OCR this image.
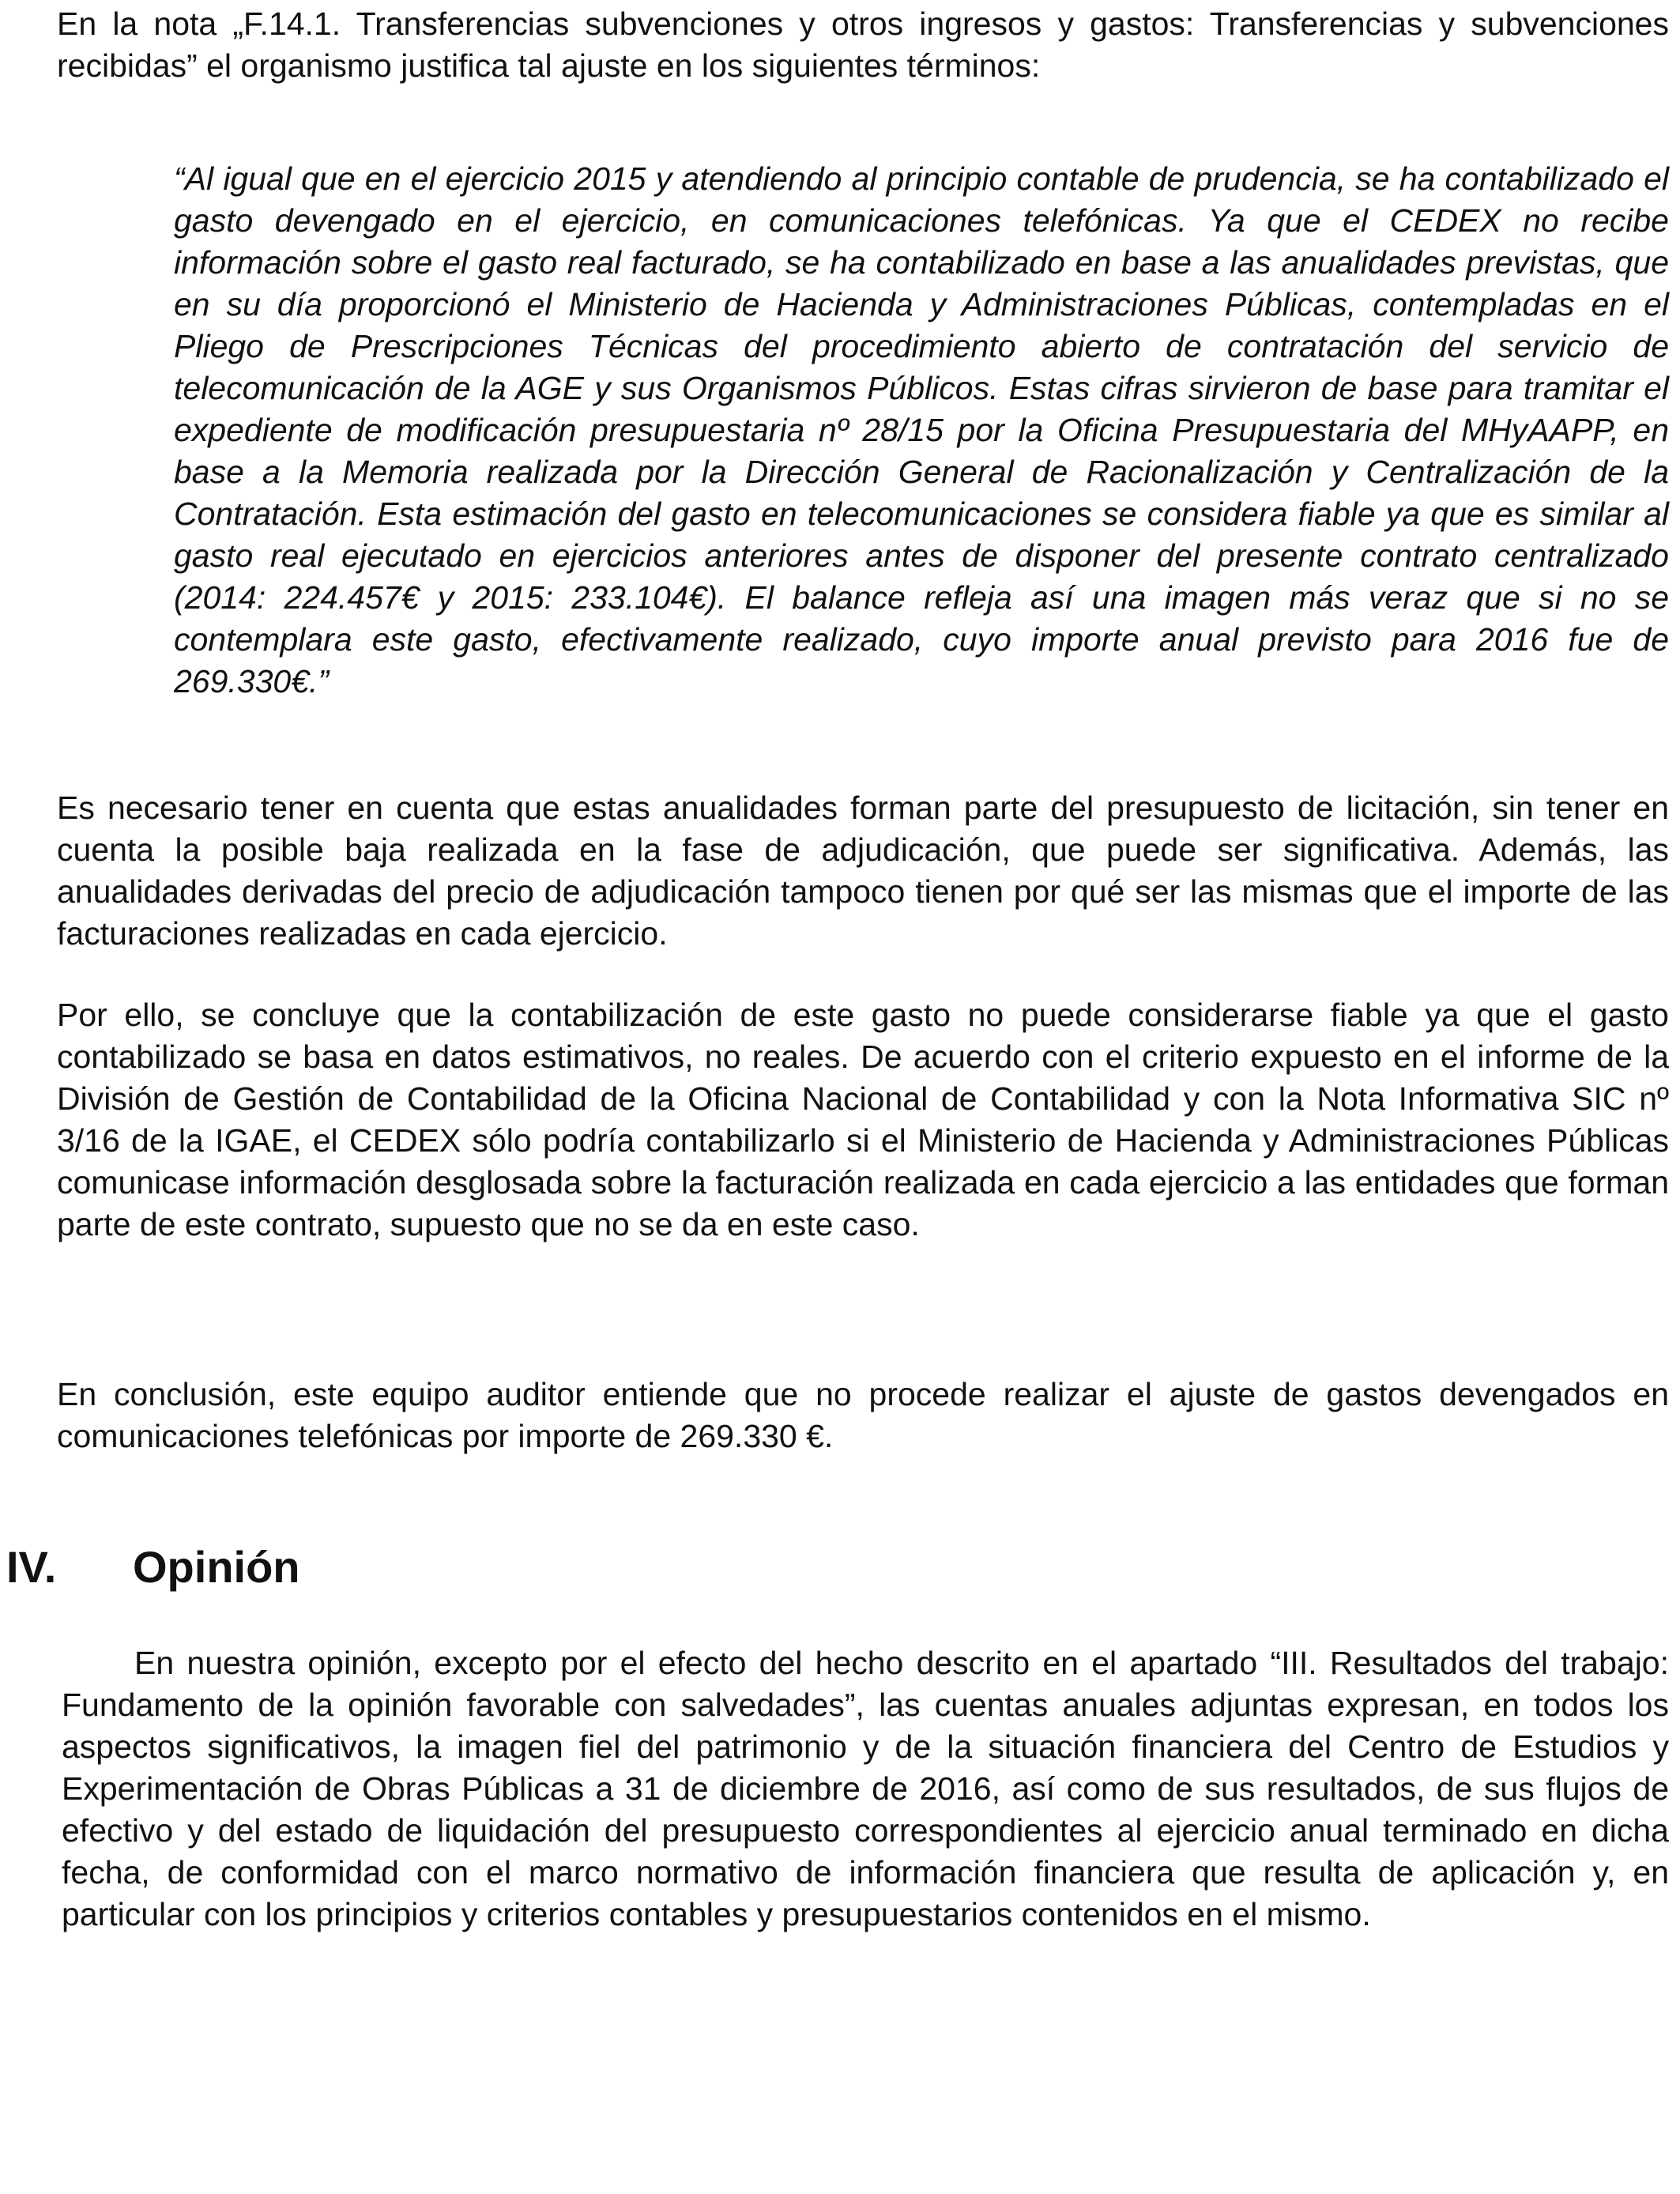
En la nota „F.14.1. Transferencias subvenciones y otros ingresos y gastos: Transferencias y subvenciones recibidas” el organismo justifica tal ajuste en los siguientes términos:

“Al igual que en el ejercicio 2015 y atendiendo al principio contable de prudencia, se ha contabilizado el gasto devengado en el ejercicio, en comunicaciones telefónicas. Ya que el CEDEX no recibe información sobre el gasto real facturado, se ha contabilizado en base a las anualidades previstas, que en su día proporcionó el Ministerio de Hacienda y Administraciones Públicas, contempladas en el Pliego de Prescripciones Técnicas del procedimiento abierto de contratación del servicio de telecomunicación de la AGE y sus Organismos Públicos. Estas cifras sirvieron de base para tramitar el expediente de modificación presupuestaria nº 28/15 por la Oficina Presupuestaria del MHyAAPP, en base a la Memoria realizada por la Dirección General de Racionalización y Centralización de la Contratación. Esta estimación del gasto en telecomunicaciones se considera fiable ya que es similar al gasto real ejecutado en ejercicios anteriores antes de disponer del presente contrato centralizado (2014: 224.457€ y 2015: 233.104€). El balance refleja así una imagen más veraz que si no se contemplara este gasto, efectivamente realizado, cuyo importe anual previsto para 2016 fue de 269.330€.”

Es necesario tener en cuenta que estas anualidades forman parte del presupuesto de licitación, sin tener en cuenta la posible baja realizada en la fase de adjudicación, que puede ser significativa. Además, las anualidades derivadas del precio de adjudicación tampoco tienen por qué ser las mismas que el importe de las facturaciones realizadas en cada ejercicio.

Por ello, se concluye que la contabilización de este gasto no puede considerarse fiable ya que el gasto contabilizado se basa en datos estimativos, no reales. De acuerdo con el criterio expuesto en el informe de la División de Gestión de Contabilidad de la Oficina Nacional de Contabilidad y con la Nota Informativa SIC nº 3/16 de la IGAE, el CEDEX sólo podría contabilizarlo si el Ministerio de Hacienda y Administraciones Públicas comunicase información desglosada sobre la facturación realizada en cada ejercicio a las entidades que forman parte de este contrato, supuesto que no se da en este caso.

En conclusión, este equipo auditor entiende que no procede realizar el ajuste de gastos devengados en comunicaciones telefónicas por importe de 269.330 €.

IV. Opinión

En nuestra opinión, excepto por el efecto del hecho descrito en el apartado “III. Resultados del trabajo: Fundamento de la opinión favorable con salvedades”, las cuentas anuales adjuntas expresan, en todos los aspectos significativos, la imagen fiel del patrimonio y de la situación financiera del Centro de Estudios y Experimentación de Obras Públicas a 31 de diciembre de 2016, así como de sus resultados, de sus flujos de efectivo y del estado de liquidación del presupuesto correspondientes al ejercicio anual terminado en dicha fecha, de conformidad con el marco normativo de información financiera que resulta de aplicación y, en particular con los principios y criterios contables y presupuestarios contenidos en el mismo.
